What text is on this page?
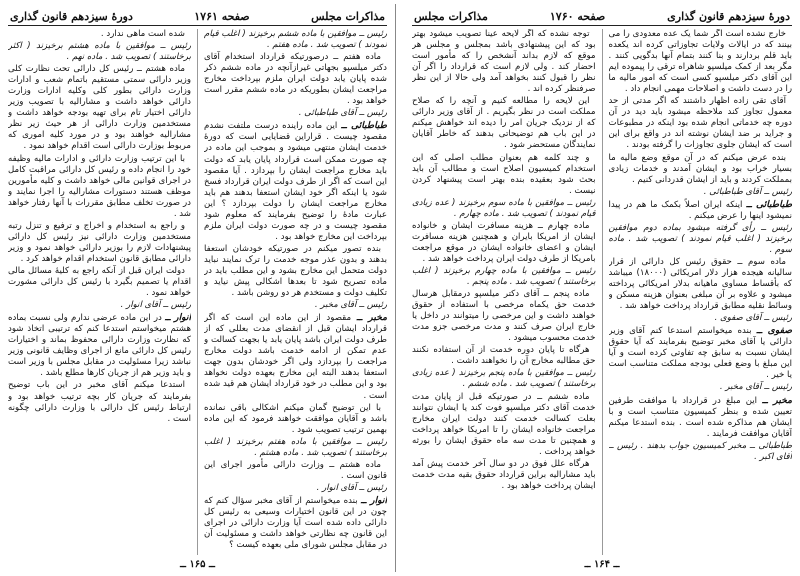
مذاکرات مجلس
صفحه ۱۷۶۱
دورهٔ سیزدهم قانون گذاری

رئیس ــ موافقین با ماده ششم برخیزند ( اغلب قیام نمودند ) تصویب شد . ماده هفتم .

ماده هفتم ــ درصورتیکه قرارداد استخدام آقای دکتر میلسپو بجهاتی غیرازآنچه در ماده ششم ذکر شده پایان یابد دولت ایران ملزم بپرداخت مخارج مراجعت ایشان بطوریکه در ماده ششم مقرر است خواهد بود .

رئیس ــ آقای طباطبائی .

طباطبائی ــ این ماده راینده درست ملتفت نشدم مقصود چیست . قراراین قضایایی است که دورهٔ خدمت ایشان منتهی میشود و بموجب این ماده در چه صورت ممکن است قرارداد پایان یابد که دولت باید مخارج مراجعت ایشان را بپردازد . آیا مقصود این است که اگر از طرف دولت ایران قرارداد فسخ شود یا اینکه اگر خود ایشان استعفا بدهند هم باید مخارج مراجعت ایشان را دولت بپردازد ؟ این عبارت مادهٔ را توضیح بفرمایند که معلوم شود مقصود چیست و در چه صورت دولت ایران ملزم بپرداخت این مخارج خواهد بود .

بنده تصور میکنم در صورتیکه خودشان استعفا بدهند و بدون عذر موجه خدمت را ترک نمایند نباید دولت متحمل این مخارج بشود و این مطلب باید در ماده تصریح شود تا بعدها اشکالی پیش نیاید و تکلیف دولت و مستخدم هر دو روشن باشد .

رئیس ــ آقای مخبر .

مخبر ــ مقصود از این ماده این است که اگر قرارداد ایشان قبل از انقضای مدت بعللی که از طرف دولت ایران باشد پایان یابد یا بجهت کسالت و عدم تمکن از ادامه خدمت باشد دولت مخارج مراجعت را بپردازد ولی اگر خودشان بدون جهت استعفا بدهند البته این مخارج بعهده دولت نخواهد بود و این مطلب در خود قرارداد ایشان هم قید شده است .

با این توضیح گمان میکنم اشکالی باقی نمانده باشد و آقایان موافقت خواهند فرمود که این ماده بهمین ترتیب تصویب شود .

رئیس ــ موافقین با ماده هفتم برخیزند ( اغلب برخاستند ) تصویب شد . ماده هشتم .

ماده هشتم ــ وزارت دارائی مأمور اجرای این قانون است .

رئیس ــ آقای انوار .

انوار ــ بنده میخواستم از آقای مخبر سؤال کنم که چون در این قانون اختیارات وسیعی به رئیس کل دارائی داده شده است آیا وزارت دارائی در اجرای این قانون چه نظارتی خواهد داشت و مسئولیت آن در مقابل مجلس شورای ملی بعهده کیست ؟

شده است ماهی ندارد .

رئیس ــ موافقین با ماده هشتم برخیزند ( اکثر برخاستند ) تصویب شد . ماده نهم .

ماده هشتم ــ رئیس کل دارائی تحت نظارت کلی وزیر دارائی سمتی مستقیم باتمام شعب و ادارات وزارت دارائی بطور کلی وکلیه ادارات وزارت دارائی خواهد داشت و مشارالیه با تصویب وزیر دارائی اختیار تام برای تهیه بودجه خواهد داشت و مستخدمین وزارت دارائی از هر حیث زیر نظر مشارالیه خواهند بود و در مورد کلیه اموری که مربوط بوزارت دارائی است اقدام خواهد نمود .

با این ترتیب وزارت دارائی و ادارات مالیه وظیفه خود را انجام داده و رئیس کل دارائی مراقبت کامل در اجرای قوانین مالی خواهد داشت و کلیه مأمورین موظف هستند دستورات مشارالیه را اجرا نمایند و در صورت تخلف مطابق مقررات با آنها رفتار خواهد شد .

و راجع به استخدام و اخراج و ترفیع و تنزل رتبه مستخدمین وزارت دارائی نیز رئیس کل دارائی پیشنهادات لازم را بوزیر دارائی خواهد نمود و وزیر دارائی مطابق قانون استخدام اقدام خواهد کرد .

دولت ایران قبل از آنکه راجع به کلیهٔ مسائل مالی اقدام یا تصمیم بگیرد با رئیس کل دارائی مشورت خواهد نمود .

رئیس ــ آقای انوار .

انوار ــ در این ماده عرضی ندارم ولی نسبت بماده هشتم میخواستم استدعا کنم که ترتیبی اتخاذ شود که نظارت وزارت دارائی محفوظ بماند و اختیارات رئیس کل دارائی مانع از اجرای وظایف قانونی وزیر نباشد زیرا مسئولیت در مقابل مجلس با وزیر است و باید وزیر هم از جریان کارها مطلع باشد .

استدعا میکنم آقای مخبر در این باب توضیح بفرمایند که جریان کار بچه ترتیب خواهد بود و ارتباط رئیس کل دارائی با وزارت دارائی چگونه است .

ــ ۱۶۵ ــ
دورهٔ سیزدهم قانون گذاری
صفحه ۱۷۶۰
مذاکرات مجلس

خارج نشده است اگر شما یک عده معدودی را می بینند که در ایالات ولایات تجاوزاتی کرده اند یکعده باید قلم بردارند و بنا کنند بتمام آنها بدگویی کنند . مگر بعد از کمک میلسپو شاهراه ترقی را پیموده ایم این آقای دکتر میلسپو کسی است که امور مالیه ما را در دست داشت و اصلاحات مهمی انجام داد .

آقای تقی زاده اظهار داشتند که اگر مدتی از حد معمول تجاوز کند ملاحظه میشود باید دید در آن دوره چه خدماتی انجام شده بود اینکه در مطبوعات و جراید بر ضد ایشان نوشته اند در واقع برای این است که ایشان جلوی تجاوزات را گرفته بودند .

بنده عرض میکنم که در آن موقع وضع مالیه ما بسیار خراب بود و ایشان آمدند و خدمات زیادی بمملکت کردند و باید از ایشان قدردانی کنیم .

رئیس ــ آقای طباطبائی .

طباطبائی ــ اینکه ایران اصلاً بکمک ما هم در پیدا نمیشود اینها را عرض میکنم .

رئیس ــ رأی گرفته میشود بماده دوم موافقین برخیزند ( اغلب قیام نمودند ) تصویب شد . ماده سوم .

ماده سوم ــ حقوق رئیس کل دارائی از قرار سالیانه هیجده هزار دلار امریکائی (۱۸۰۰۰) میباشد که بأقساط مساوی ماهیانه بدلار امریکائی پرداخته میشود و علاوه بر آن مبلغی بعنوان هزینه مسکن و وسائط نقلیه مطابق قرارداد پرداخت خواهد شد .

رئیس ــ آقای صفوی .

صفوی ــ بنده میخواستم استدعا کنم آقای وزیر دارائی یا آقای مخبر توضیح بفرمایند که آیا حقوق ایشان نسبت به سابق چه تفاوتی کرده است و آیا این مبلغ با وضع فعلی بودجه مملکت متناسب است یا خیر .

رئیس ــ آقای مخبر .

مخبر ــ این مبلغ در قرارداد با موافقت طرفین تعیین شده و بنظر کمیسیون متناسب است و با ایشان هم مذاکره شده است . بنده استدعا میکنم آقایان موافقت فرمایند .

طباطبائی ــ مخبر کمیسیون جواب بدهند . رئیس ــ آقای اکبر .

توجه نشده که اگر لایحه عیناً تصویب میشود بهتر بود که این پیشنهادی باشد بمجلس و مجلس هر موقع که لازم بداند آنشخص را که مأمور است احضار کند . ولی لازم است که قرارداد را اگر آن نظر را قبول کنند بخواهد آمد ولی حالا از این نظر صرفنظر کرده اند .

این لایحه را مطالعه کنیم و آنچه را که صلاح مملکت است در نظر بگیریم . از آقای وزیر دارائی که از نزدیک جریان امر را دیده اند خواهش میکنم در این باب هم توضیحاتی بدهند که خاطر آقایان نمایندگان مستحضر شود .

و چند کلمه هم بعنوان مطلب اصلی که این استخدام کمیسیون اصلاح است و مطالب آن باید بحث شود بعقیده بنده بهتر است پیشنهاد کردن نیست .

رئیس ــ موافقین با ماده سوم برخیزند ( عده زیادی قیام نمودند ) تصویب شد . ماده چهارم .

ماده چهارم ــ هزینه مسافرت ایشان و خانواده ایشان از امریکا بایران و همچنین هزینه مسافرت ایشان و اعضای خانواده ایشان در موقع مراجعت بامریکا از طرف دولت ایران پرداخت خواهد شد .

رئیس ــ موافقین با ماده چهارم برخیزند ( اغلب برخاستند ) تصویب شد . ماده پنجم .

ماده پنجم ــ آقای دکتر میلسپو درمقابل هرسال خدمت حق یکماه مرخصی با استفاده از حقوق خواهند داشت و این مرخصی را میتوانند در داخل یا خارج ایران صرف کنند و مدت مرخصی جزو مدت خدمت محسوب میشود .

هرگاه تا پایان دوره خدمت از آن استفاده نکنند حق مطالبه مخارج آن را نخواهند داشت .

رئیس ــ موافقین با ماده پنجم برخیزند ( عده زیادی برخاستند ) تصویب شد . ماده ششم .

ماده ششم ــ در صورتیکه قبل از پایان مدت خدمت آقای دکتر میلسپو فوت کند یا ایشان نتوانند بعلت کسالت خدمت کنند دولت ایران مخارج مراجعت خانواده ایشان را تا امریکا خواهد پرداخت و همچنین تا مدت سه ماه حقوق ایشان را بورثه خواهد پرداخت .

هرگاه علل فوق در دو سال آخر خدمت پیش آمد باید مشارالیه براین قرارداد حقوق بقیه مدت خدمت ایشان پرداخت خواهد بود .

ــ ۱۶۴ ــ
